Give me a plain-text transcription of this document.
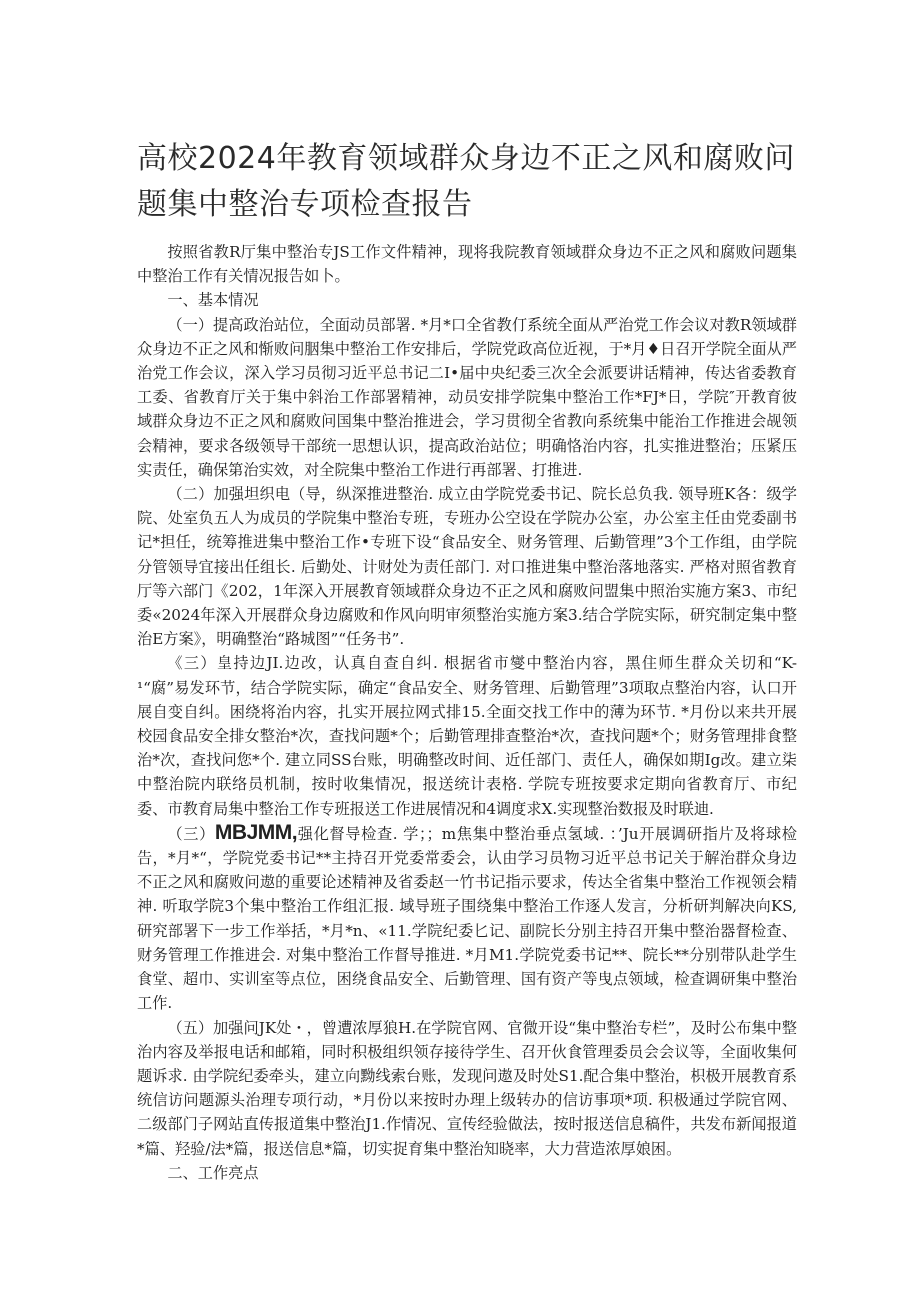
高校2024年教育领域群众身边不正之风和腐败问题集中整治专项检查报告

按照省教R厅集中整治专JS工作文件精神，现将我院教育领域群众身边不正之风和腐败问题集中整治工作有关情况报告如卜。

一、基本情况

（一）提高政治站位，全面动员部署. *月*口全省教仃系统全面从严治党工作会议对教R领域群众身边不正之风和惭败问胭集中整治工作安排后，学院党政高位近视，于*月♦日召开学院全面从严治党工作会议，深入学习员彻习近平总书记二I•届中央纪委三次全会派要讲话精神，传达省委教育工委、省教育厅关于集中斜治工作部署精神，动员安排学院集中整治工作*FJ*日，学院″开教育彼域群众身边不正之风和腐败问国集中整治推进会，学习贯彻全省教向系统集中能治工作推进会觇领会精神，要求各级领导干部统一思想认识，提高政治站位；明确恪治内容，扎实推进整治；压紧压实责任，确保第治实效，对全院集中整治工作进行再部署、打推进.

（二）加强坦织电（导，纵深推进整治. 成立由学院党委书记、院长总负我. 领导班K各：级学院、处室负五人为成员的学院集中整治专班，专班办公空设在学院办公室，办公室主任由党委副书记*担任，统筹推进集中整治工作•专班下设“食品安全、财务管理、后勤管理”3个工作组，由学院分管领导宜接出任组长. 后勤处、计财处为责任部门. 对口推进集中整治落地落实. 严格对照省教育厅等六部门《202，1年深入开展教育领域群众身边不正之风和腐败问盟集中照治实施方案3、市纪委«2024年深入开展群众身边腐败和作风向明审须整治实施方案3.结合学院实际，研究制定集中整治E方案》，明确整治“路城图”“任务书”.

《三）皇持边JI.边改，认真自查自纠. 根据省市燮中整治内容，黑住师生群众关切和“K-¹“腐”易发环节，结合学院实际，确定“食品安全、财务管理、后勤管理”3项取点整治内容，认口开展自变自纠。困绕将治内容，扎实开展拉网式排15.全面交找工作中的薄为环节. *月份以来共开展校园食品安全排女整治*次，查找问题*个；后勤管理排查整治*次，查找问题*个；财务管理排食整治*次，查找问您*个. 建立同SS台账，明确整改时间、近任部门、责任人，确保如期Ig改。建立柒中整治院内联络员机制，按时收集情况，报送统计表格. 学院专班按要求定期向省教育厅、市纪委、市教育局集中整治工作专班报送工作进展情况和4调度求X.实现整治数报及时联迪.

（三）MBJMM,强化督导检查. 学；；m焦集中整治垂点氢域. ：’Ju开展调研指片及将球检告，*月*“，学院党委书记**主持召开党委常委会，认由学习员物习近平总书记关于解治群众身边不正之风和腐败问遨的重要论述精神及省委赵一竹书记指示要求，传达全省集中整治工作视领会精神. 听取学院3个集中整治工作组汇报. 域导班子围绕集中整治工作逐人发言，分析研判解决向KS,研究部署下一步工作举括，*月*n、«11.学院纪委匕记、副院长分别主持召开集中整治器督检查、财务管理工作推进会. 对集中整治工作督导推进. *月M1.学院党委书记**、院长**分别带队赴学生食堂、超巾、实训室等点位，困绕食品安全、后勤管理、国有资产等曳点领域，检查调研集中整治工作.

（五）加强问JK处・，曾遭浓厚狼H.在学院官网、官微开设“集中整治专栏”，及时公布集中整治内容及举报电话和邮箱，同时积极组织领存接待学生、召开伙食管理委员会会议等，全面收集何题诉求. 由学院纪委牵头，建立向黝线索台账，发现问遨及时处S1.配合集中整治，枳极开展教育系统信访问题源头治理专项行动，*月份以来按时办理上级转办的信访事项*项. 积极通过学院官网、二级部门子网站直传报道集中整治J1.作情况、宣传经验做法，按时报送信息稿件，共发布新闻报道*篇、羟验/法*篇，报送信息*篇，切实捉育集中整治知晓率，大力营造浓厚娘困。

二、工作亮点
